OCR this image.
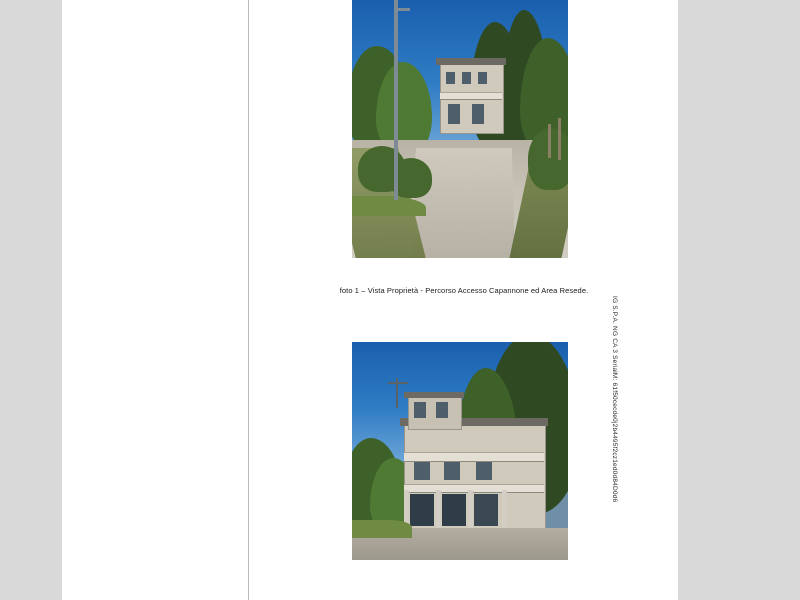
foto 1 – Vista Proprietà - Percorso Accesso Capannone ed Area Resede.
IG S.P.A. NG CA 3 SerialM: 61f50cecde0j2b4495f2cz1ed0d84D0d6
